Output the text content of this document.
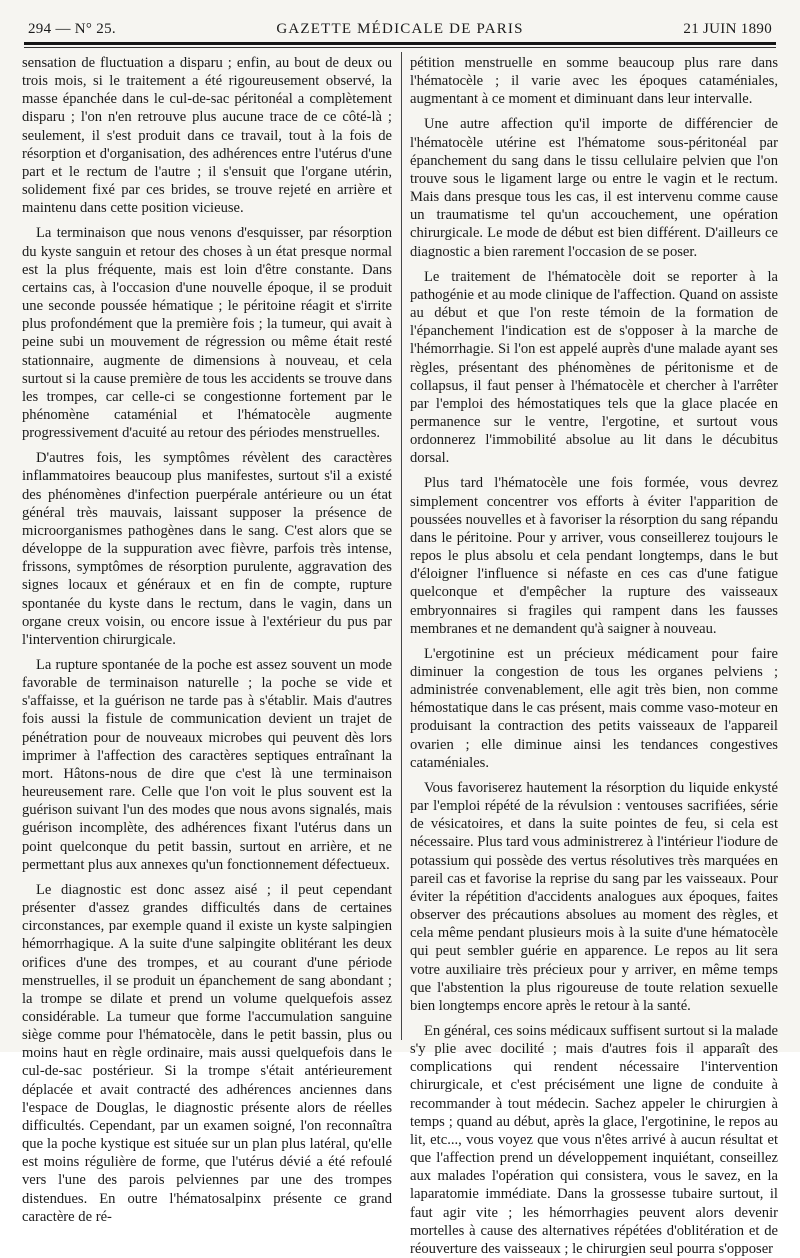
294 — N° 25.	GAZETTE MÉDICALE DE PARIS	21 JUIN 1890

sensation de fluctuation a disparu ; enfin, au bout de deux ou trois mois, si le traitement a été rigoureusement observé, la masse épanchée dans le cul-de-sac péritonéal a complètement disparu ; l'on n'en retrouve plus aucune trace de ce côté-là ; seulement, il s'est produit dans ce travail, tout à la fois de résorption et d'organisation, des adhérences entre l'utérus d'une part et le rectum de l'autre ; il s'ensuit que l'organe utérin, solidement fixé par ces brides, se trouve rejeté en arrière et maintenu dans cette position vicieuse.

La terminaison que nous venons d'esquisser, par résorption du kyste sanguin et retour des choses à un état presque normal est la plus fréquente, mais est loin d'être constante. Dans certains cas, à l'occasion d'une nouvelle époque, il se produit une seconde poussée hématique ; le péritoine réagit et s'irrite plus profondément que la première fois ; la tumeur, qui avait à peine subi un mouvement de régression ou même était resté stationnaire, augmente de dimensions à nouveau, et cela surtout si la cause première de tous les accidents se trouve dans les trompes, car celle-ci se congestionne fortement par le phénomène cataménial et l'hématocèle augmente progressivement d'acuité au retour des périodes menstruelles.

D'autres fois, les symptômes révèlent des caractères inflammatoires beaucoup plus manifestes, surtout s'il a existé des phénomènes d'infection puerpérale antérieure ou un état général très mauvais, laissant supposer la présence de microorganismes pathogènes dans le sang. C'est alors que se développe de la suppuration avec fièvre, parfois très intense, frissons, symptômes de résorption purulente, aggravation des signes locaux et généraux et en fin de compte, rupture spontanée du kyste dans le rectum, dans le vagin, dans un organe creux voisin, ou encore issue à l'extérieur du pus par l'intervention chirurgicale.

La rupture spontanée de la poche est assez souvent un mode favorable de terminaison naturelle ; la poche se vide et s'affaisse, et la guérison ne tarde pas à s'établir. Mais d'autres fois aussi la fistule de communication devient un trajet de pénétration pour de nouveaux microbes qui peuvent dès lors imprimer à l'affection des caractères septiques entraînant la mort. Hâtons-nous de dire que c'est là une terminaison heureusement rare. Celle que l'on voit le plus souvent est la guérison suivant l'un des modes que nous avons signalés, mais guérison incomplète, des adhérences fixant l'utérus dans un point quelconque du petit bassin, surtout en arrière, et ne permettant plus aux annexes qu'un fonctionnement défectueux.

Le diagnostic est donc assez aisé ; il peut cependant présenter d'assez grandes difficultés dans de certaines circonstances, par exemple quand il existe un kyste salpingien hémorrhagique. A la suite d'une salpingite oblitérant les deux orifices d'une des trompes, et au courant d'une période menstruelles, il se produit un épanchement de sang abondant ; la trompe se dilate et prend un volume quelquefois assez considérable. La tumeur que forme l'accumulation sanguine siège comme pour l'hématocèle, dans le petit bassin, plus ou moins haut en règle ordinaire, mais aussi quelquefois dans le cul-de-sac postérieur. Si la trompe s'était antérieurement déplacée et avait contracté des adhérences anciennes dans l'espace de Douglas, le diagnostic présente alors de réelles difficultés. Cependant, par un examen soigné, l'on reconnaîtra que la poche kystique est située sur un plan plus latéral, qu'elle est moins régulière de forme, que l'utérus dévié a été refoulé vers l'une des parois pelviennes par une des trompes distendues. En outre l'hématosalpinx présente ce grand caractère de ré-

pétition menstruelle en somme beaucoup plus rare dans l'hématocèle ; il varie avec les époques cataméniales, augmentant à ce moment et diminuant dans leur intervalle.

Une autre affection qu'il importe de différencier de l'hématocèle utérine est l'hématome sous-péritonéal par épanchement du sang dans le tissu cellulaire pelvien que l'on trouve sous le ligament large ou entre le vagin et le rectum. Mais dans presque tous les cas, il est intervenu comme cause un traumatisme tel qu'un accouchement, une opération chirurgicale. Le mode de début est bien différent. D'ailleurs ce diagnostic a bien rarement l'occasion de se poser.

Le traitement de l'hématocèle doit se reporter à la pathogénie et au mode clinique de l'affection. Quand on assiste au début et que l'on reste témoin de la formation de l'épanchement l'indication est de s'opposer à la marche de l'hémorrhagie. Si l'on est appelé auprès d'une malade ayant ses règles, présentant des phénomènes de péritonisme et de collapsus, il faut penser à l'hématocèle et chercher à l'arrêter par l'emploi des hémostatiques tels que la glace placée en permanence sur le ventre, l'ergotine, et surtout vous ordonnerez l'immobilité absolue au lit dans le décubitus dorsal.

Plus tard l'hématocèle une fois formée, vous devrez simplement concentrer vos efforts à éviter l'apparition de poussées nouvelles et à favoriser la résorption du sang répandu dans le péritoine. Pour y arriver, vous conseillerez toujours le repos le plus absolu et cela pendant longtemps, dans le but d'éloigner l'influence si néfaste en ces cas d'une fatigue quelconque et d'empêcher la rupture des vaisseaux embryonnaires si fragiles qui rampent dans les fausses membranes et ne demandent qu'à saigner à nouveau.

L'ergotinine est un précieux médicament pour faire diminuer la congestion de tous les organes pelviens ; administrée convenablement, elle agit très bien, non comme hémostatique dans le cas présent, mais comme vaso-moteur en produisant la contraction des petits vaisseaux de l'appareil ovarien ; elle diminue ainsi les tendances congestives cataméniales.

Vous favoriserez hautement la résorption du liquide enkysté par l'emploi répété de la révulsion : ventouses sacrifiées, série de vésicatoires, et dans la suite pointes de feu, si cela est nécessaire. Plus tard vous administrerez à l'intérieur l'iodure de potassium qui possède des vertus résolutives très marquées en pareil cas et favorise la reprise du sang par les vaisseaux. Pour éviter la répétition d'accidents analogues aux époques, faites observer des précautions absolues au moment des règles, et cela même pendant plusieurs mois à la suite d'une hématocèle qui peut sembler guérie en apparence. Le repos au lit sera votre auxiliaire très précieux pour y arriver, en même temps que l'abstention la plus rigoureuse de toute relation sexuelle bien longtemps encore après le retour à la santé.

En général, ces soins médicaux suffisent surtout si la malade s'y plie avec docilité ; mais d'autres fois il apparaît des complications qui rendent nécessaire l'intervention chirurgicale, et c'est précisément une ligne de conduite à recommander à tout médecin. Sachez appeler le chirurgien à temps ; quand au début, après la glace, l'ergotinine, le repos au lit, etc..., vous voyez que vous n'êtes arrivé à aucun résultat et que l'affection prend un développement inquiétant, conseillez aux malades l'opération qui consistera, vous le savez, en la laparatomie immédiate. Dans la grossesse tubaire surtout, il faut agir vite ; les hémorrhagies peuvent alors devenir mortelles à cause des alternatives répétées d'oblitération et de réouverture des vaisseaux ; le chirurgien seul pourra s'opposer
